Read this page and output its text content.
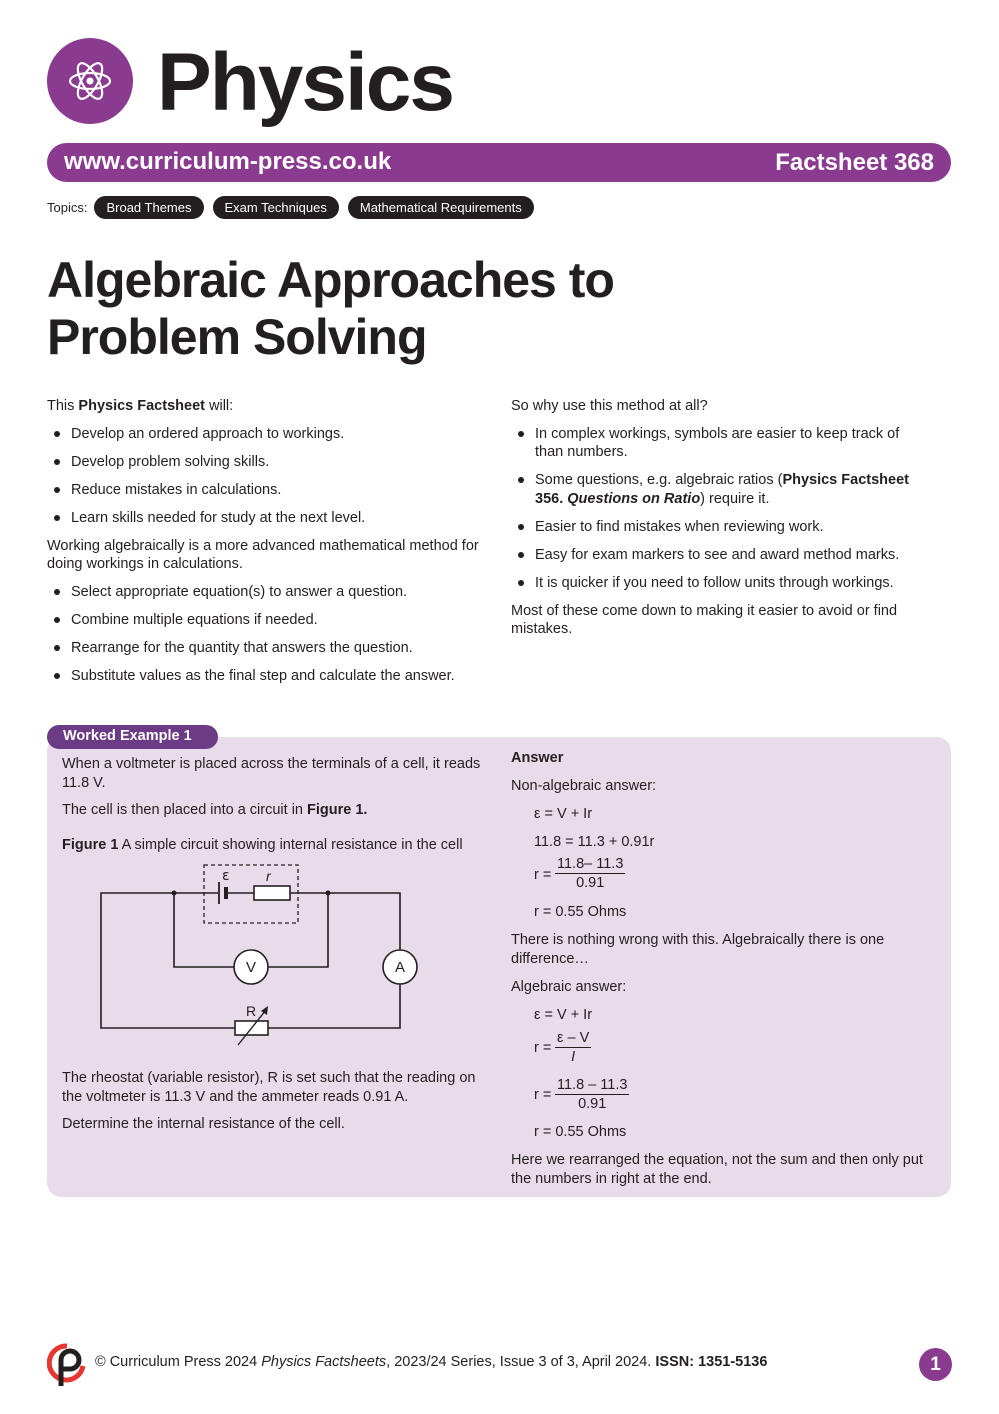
Physics
www.curriculum-press.co.uk	Factsheet 368
Topics:	Broad Themes	Exam Techniques	Mathematical Requirements
Algebraic Approaches to
Problem Solving

This Physics Factsheet will:

Develop an ordered approach to workings.
Develop problem solving skills.
Reduce mistakes in calculations.
Learn skills needed for study at the next level.

Working algebraically is a more advanced mathematical method for doing workings in calculations.

Select appropriate equation(s) to answer a question.
Combine multiple equations if needed.
Rearrange for the quantity that answers the question.
Substitute values as the final step and calculate the answer.

So why use this method at all?

In complex workings, symbols are easier to keep track of than numbers.
Some questions, e.g. algebraic ratios (Physics Factsheet 356. Questions on Ratio) require it.
Easier to find mistakes when reviewing work.
Easy for exam markers to see and award method marks.
It is quicker if you need to follow units through workings.

Most of these come down to making it easier to avoid or find mistakes.

Worked Example 1

When a voltmeter is placed across the terminals of a cell, it reads 11.8 V.

The cell is then placed into a circuit in Figure 1.

Figure 1 A simple circuit showing internal resistance in the cell

ε	r
V	A
R

The rheostat (variable resistor), R is set such that the reading on the voltmeter is 11.3 V and the ammeter reads 0.91 A.

Determine the internal resistance of the cell.

Answer
Non-algebraic answer:
ε = V + Ir
11.8 = 11.3 + 0.91r
$r = \frac{11.8- 11.3}{0.91}$
r = 0.55 Ohms
There is nothing wrong with this. Algebraically there is one difference…
Algebraic answer:
ε = V + Ir
$r = \frac{\varepsilon - V}{I}$
$r = \frac{11.8 - 11.3}{0.91}$
r = 0.55 Ohms
Here we rearranged the equation, not the sum and then only put the numbers in right at the end.
© Curriculum Press 2024 Physics Factsheets, 2023/24 Series, Issue 3 of 3, April 2024. ISSN: 1351-5136	1
